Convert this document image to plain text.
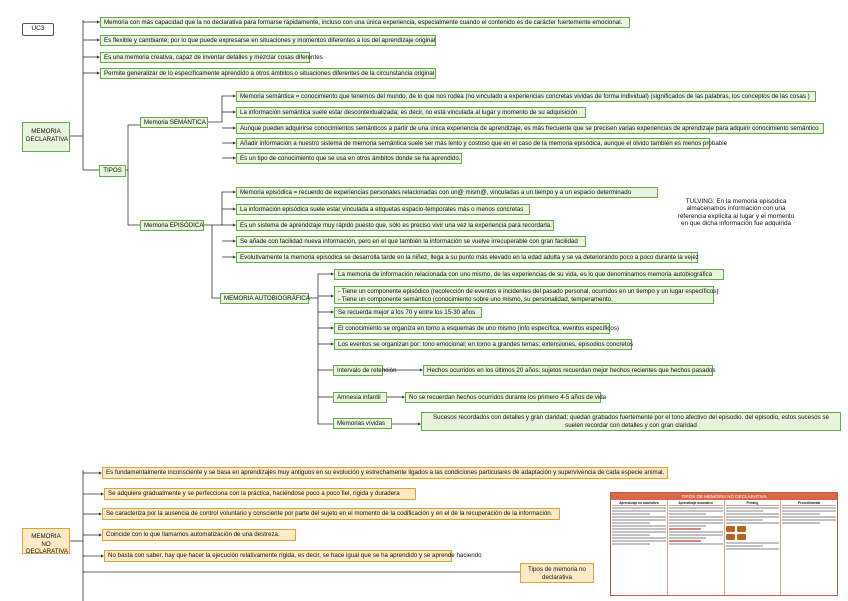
UC3
MEMORIA DECLARATIVA
Memoria con más capacidad que la no declarativa para formarse rápidamente, incluso con una única experiencia, especialmente cuando el contenido es de carácter fuertemente emocional.
Es flexible y cambiante, por lo que puede expresarse en situaciones y momentos diferentes a los del aprendizaje original
Es una memoria creativa, capaz de inventar detalles y mezclar cosas diferentes
Permite generalizar de lo específicamente aprendido a otros ámbitos o situaciones diferentes de la circunstancia original
TIPOS
Memoria SEMÁNTICA
Memoria semántica = conocimiento que tenemos del mundo, de lo que nos rodea (no vinculado a experiencias concretas vividas de forma individual) (significados de las palabras, los conceptos de las cosas )
La información semántica suele estar descontextualizada; es decir, no está vinculada al lugar y momento de su adquisición
Aunque pueden adquirirse conocimientos semánticos a partir de una única experiencia de aprendizaje, es más frecuente que se precisen varias experiencias de aprendizaje para adquirir conocimiento semántico
Añadir información a nuestro sistema de memoria semántica suele ser más lento y costoso que en el caso de la memoria episódica, aunque el olvido también es menos probable
Es un tipo de conocimiento que se usa en otros ámbitos donde se ha aprendido.
Memoria EPISÓDICA
Memoria episódica = recuerdo de experiencias personales relacionadas con un@ mism@, vinculadas a un tiempo y a un espacio determinado
La información episódica suele estar vinculada a etiquetas espacio-temporales más o menos concretas
Es un sistema de aprendizaje muy rápido puesto que, sólo es preciso vivir una vez la experiencia para recordarla.
Se añade con facilidad nueva información, pero en el que también la información se vuelve irrecuperable con gran facilidad
Evolutivamente la memoria episódica se desarrolla tarde en la niñez, llega a su punto más elevado en la edad adulta y se va deteriorando poco a poco durante la vejez
TULVING: En la memoria episódica almacenamos información con una referencia explícita al lugar y el momento en que dicha información fue adquirida
MEMORIA AUTOBIOGRÁFICA
La memoria de información relacionada con uno mismo, de las experiencias de su vida, es lo que denominamos memoria autobiográfica
- Tiene un componente episódico (recolección de eventos e incidentes del pasado personal, ocurridos en un tiempo y un lugar específicos)
- Tiene un componente semántico (conocimiento sobre uno mismo, su personalidad, temperamento,
Se recuerda mejor a los 70 y entre los 15-30 años
El conocimiento se organiza en torno a esquemas de uno mismo (info específica, eventos específicos)
Los eventos se organizan por: tono emocional; en torno a grandes temas; extensiones, episodios concretos
Intervalo de retención	Hechos ocurridos en los últimos 20 años: sujetos recuerdan mejor hechos recientes que hechos pasados
Amnesia infantil	No se recuerdan hechos ocurridos durante los primero 4-5 años de vida
Memorias vívidas
Sucesos recordados con detalles y gran claridad; quedan grabados fuertemente por el tono afectivo del episodio. del episodio, estos sucesos se suelen recordar con detalles y con gran claridad
MEMORIA NO DECLARATIVA
Es fundamentalmente inconsciente y se basa en aprendizajes muy antiguos en su evolución y estrechamente ligados a las condiciones particulares de adaptación y supervivencia de cada especie animal.
Se adquiere gradualmente y se perfecciona con la práctica, haciéndose poco a poco fiel, rígida y duradera
Se caracteriza por la ausencia de control voluntario y consciente por parte del sujeto en el momento de la codificación y en el de la recuperación de la información.
Coincide con lo que llamamos automatización de una destreza.
No basta con saber, hay que hacer la ejecución relativamente rígida, es decir, se hace igual que se ha aprendido y se aprende haciendo
Tipos de memoria no declarativa
TIPOS DE MEMORIA NO DECLARATIVA
Aprendizaje no asociativo	Aprendizaje asociativo	Priming	Procedimental
